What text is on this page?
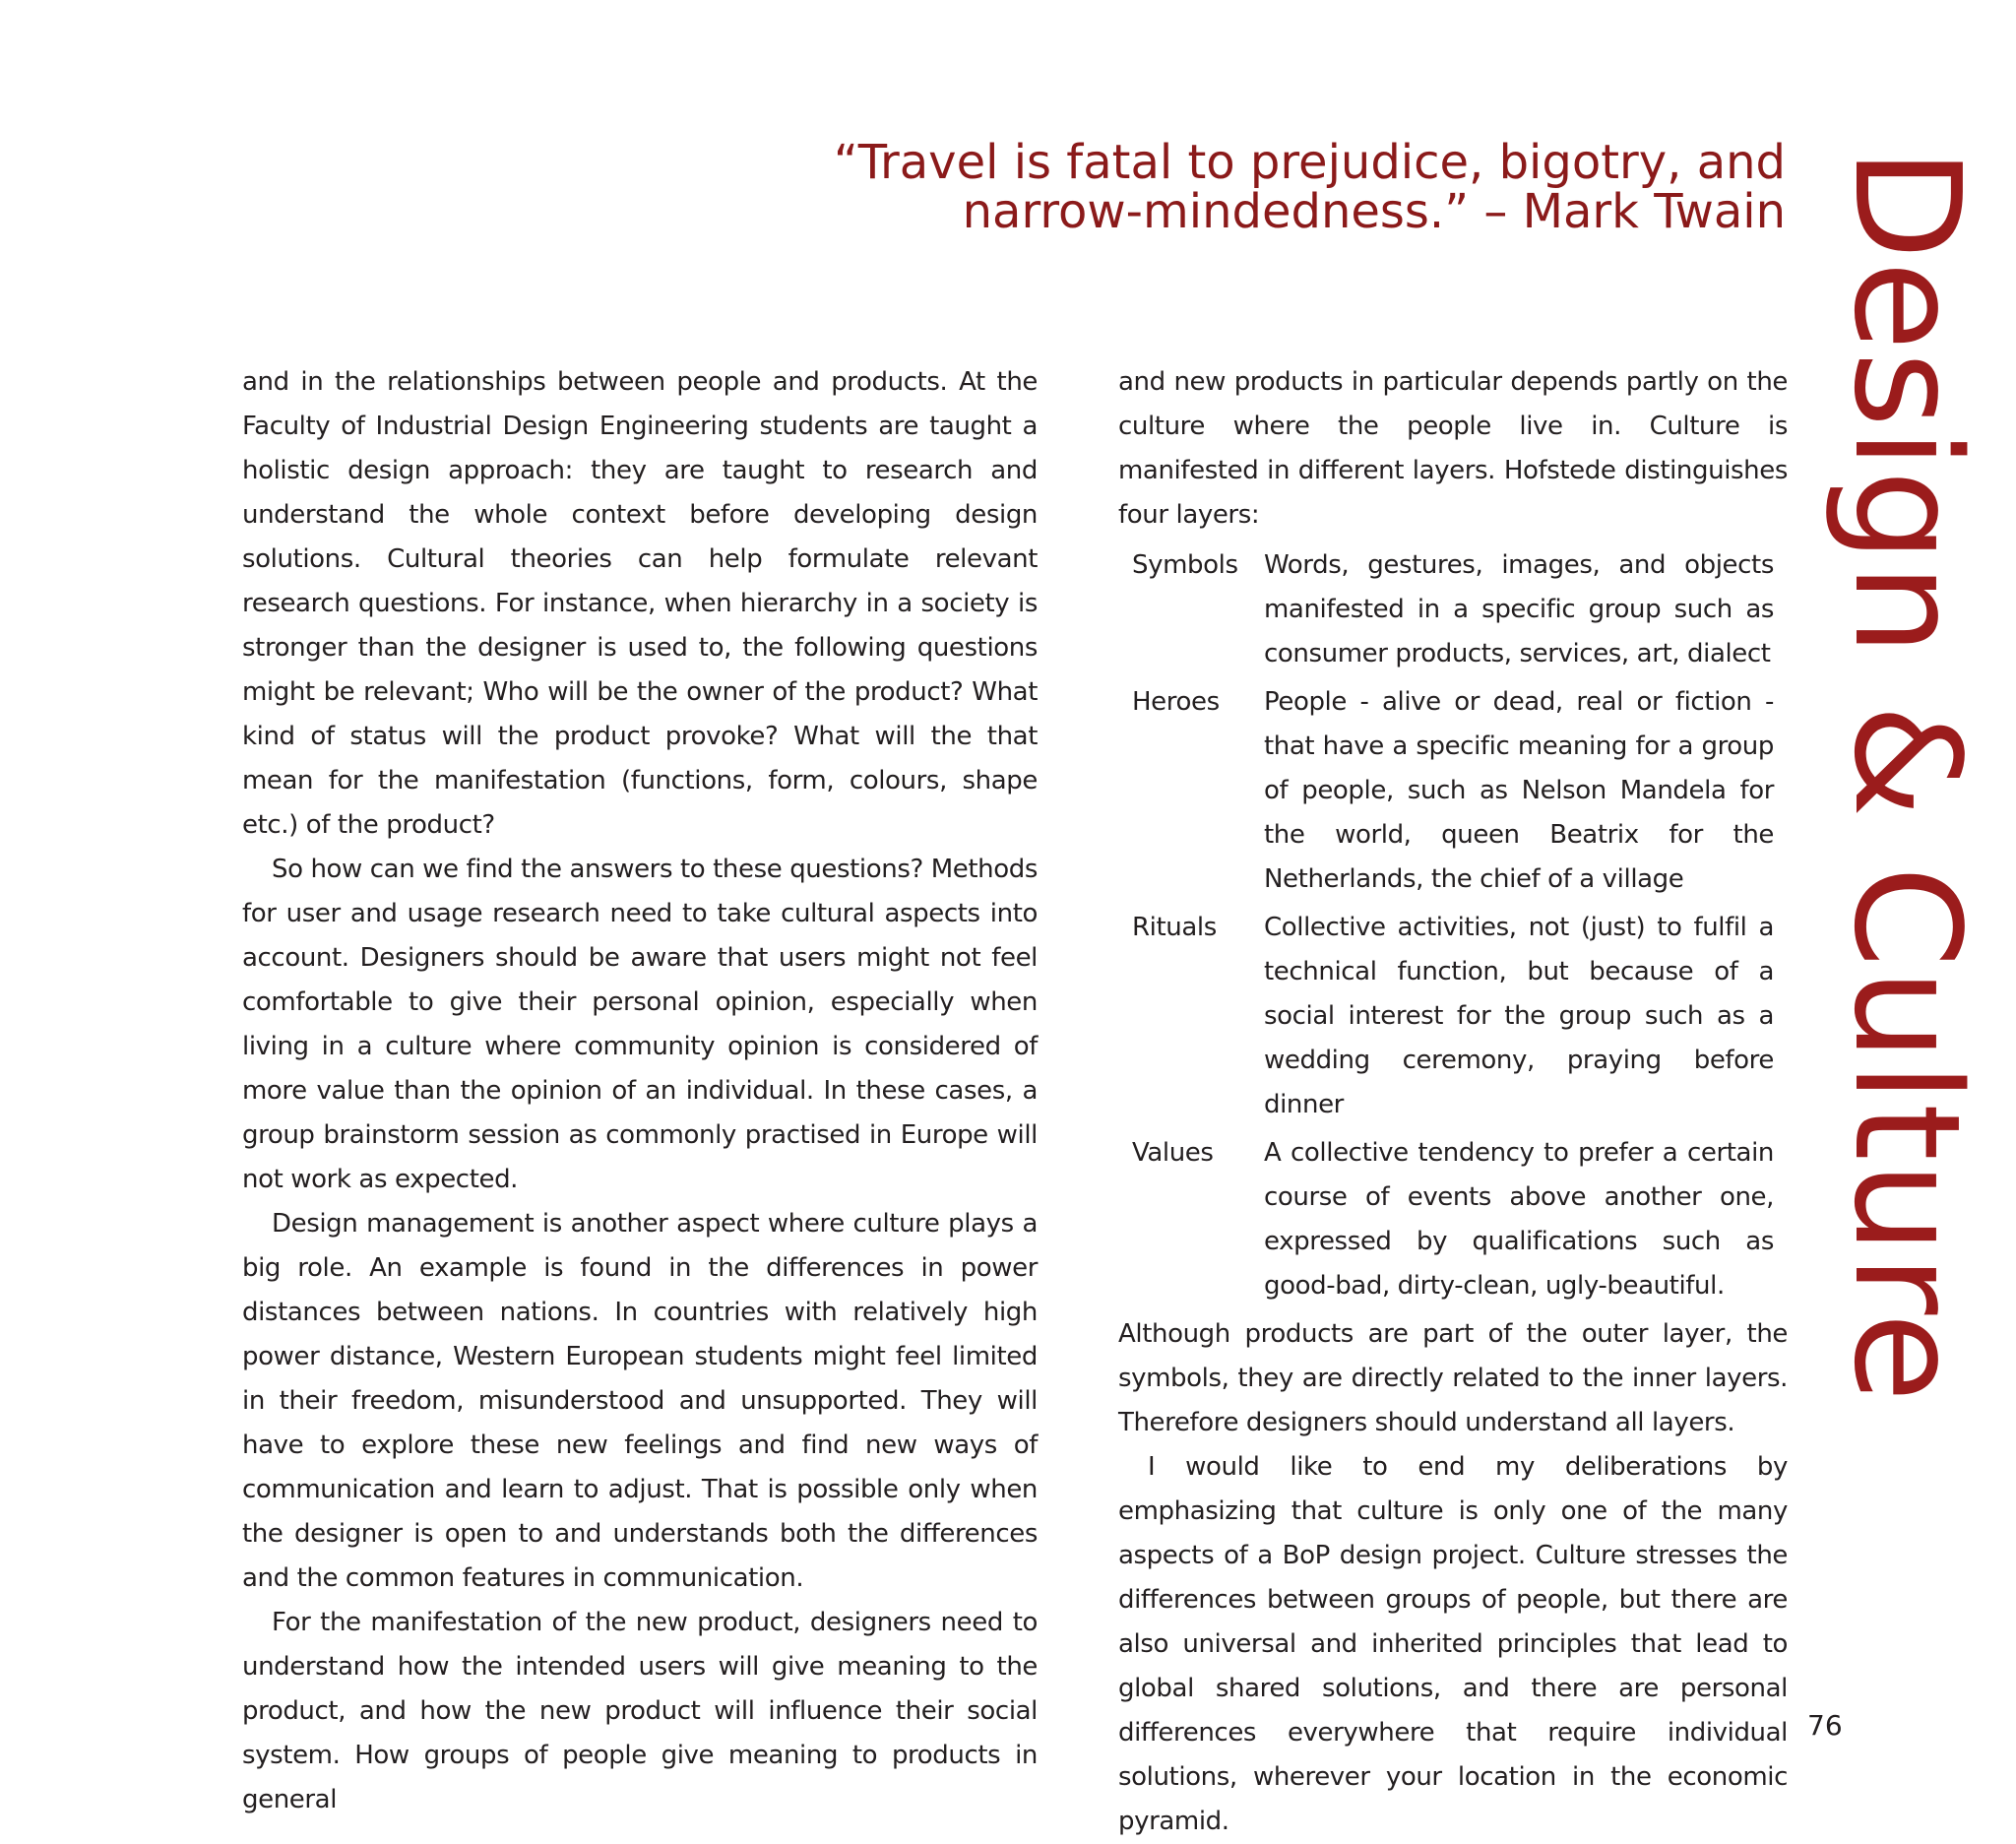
“Travel is fatal to prejudice, bigotry, and
narrow-mindedness.” – Mark Twain Design & Culture

and in the relationships between people and products. At the Faculty of Industrial Design Engineering students are taught a holistic design approach: they are taught to research and understand the whole context before developing design solutions. Cultural theories can help formulate relevant research questions. For instance, when hierarchy in a society is stronger than the designer is used to, the following questions might be relevant; Who will be the owner of the product? What kind of status will the product provoke? What will the that mean for the manifestation (functions, form, colours, shape etc.) of the product?

So how can we find the answers to these questions? Methods for user and usage research need to take cultural aspects into account. Designers should be aware that users might not feel comfortable to give their personal opinion, especially when living in a culture where community opinion is considered of more value than the opinion of an individual. In these cases, a group brainstorm session as commonly practised in Europe will not work as expected.

Design management is another aspect where culture plays a big role. An example is found in the differences in power distances between nations. In countries with relatively high power distance, Western European students might feel limited in their freedom, misunderstood and unsupported. They will have to explore these new feelings and find new ways of communication and learn to adjust. That is possible only when the designer is open to and understands both the differences and the common features in communication.

For the manifestation of the new product, designers need to understand how the intended users will give meaning to the product, and how the new product will influence their social system. How groups of people give meaning to products in general

and new products in particular depends partly on the culture where the people live in. Culture is manifested in different layers. Hofstede distinguishes four layers:

Symbols	Words, gestures, images, and objects manifested in a specific group such as consumer products, services, art, dialect
Heroes	People - alive or dead, real or fiction - that have a specific meaning for a group of people, such as Nelson Mandela for the world, queen Beatrix for the Netherlands, the chief of a village
Rituals	Collective activities, not (just) to fulfil a technical function, but because of a social interest for the group such as a wedding ceremony, praying before dinner
Values	A collective tendency to prefer a certain course of events above another one, expressed by qualifications such as good-bad, dirty-clean, ugly-beautiful.

Although products are part of the outer layer, the symbols, they are directly related to the inner layers. Therefore designers should understand all layers.

I would like to end my deliberations by emphasizing that culture is only one of the many aspects of a BoP design project. Culture stresses the differences between groups of people, but there are also universal and inherited principles that lead to global shared solutions, and there are personal differences everywhere that require individual solutions, wherever your location in the economic pyramid.

76
